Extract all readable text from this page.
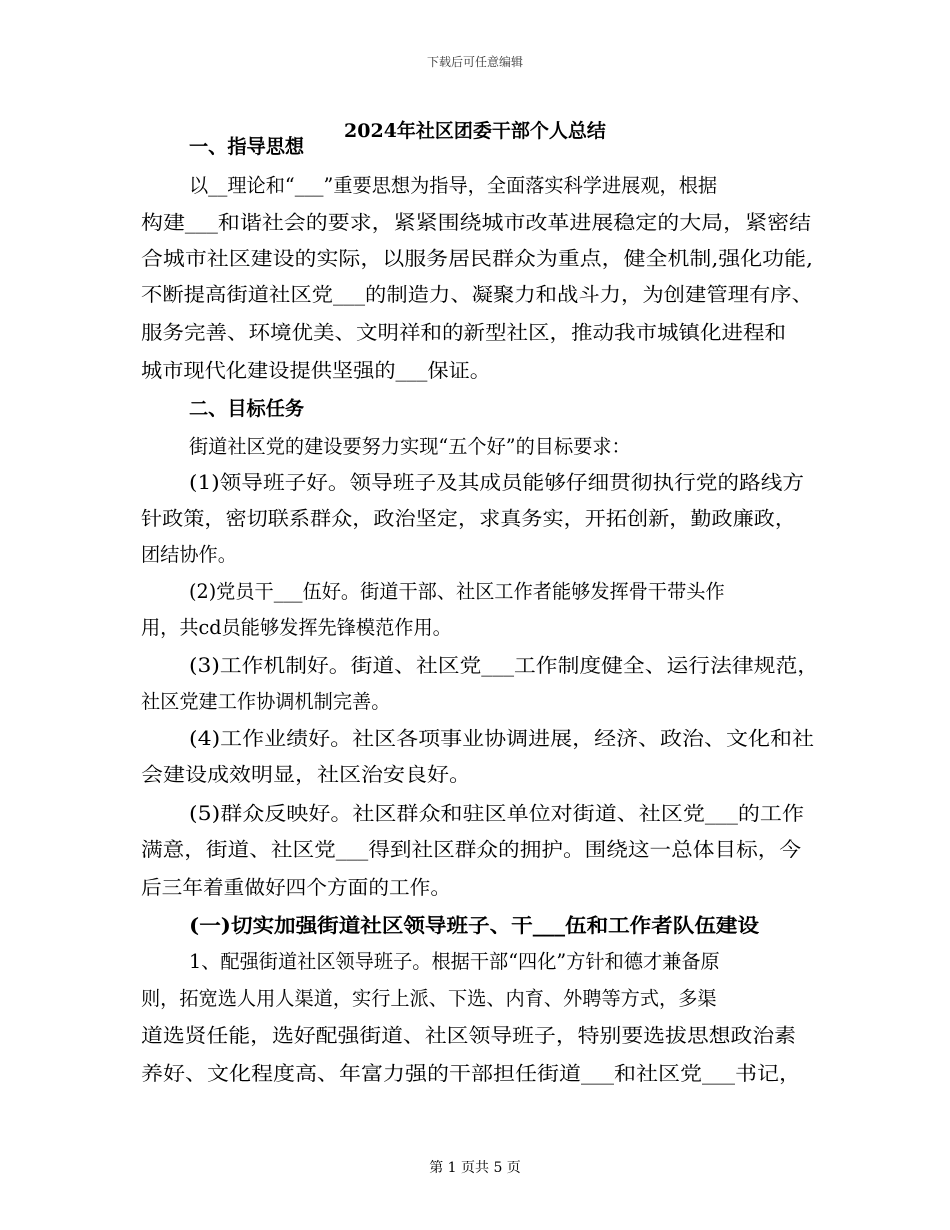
下载后可任意编辑
2024年社区团委干部个人总结
一、指导思想
以__理论和“___”重要思想为指导，全面落实科学进展观，根据
构建___和谐社会的要求，紧紧围绕城市改革进展稳定的大局，紧密结
合城市社区建设的实际，以服务居民群众为重点，健全机制,强化功能,
不断提高街道社区党___的制造力、凝聚力和战斗力，为创建管理有序、
服务完善、环境优美、文明祥和的新型社区，推动我市城镇化进程和
城市现代化建设提供坚强的___保证。
二、目标任务
街道社区党的建设要努力实现“五个好”的目标要求：
(1)领导班子好。领导班子及其成员能够仔细贯彻执行党的路线方
针政策，密切联系群众，政治坚定，求真务实，开拓创新，勤政廉政，
团结协作。
(2)党员干___伍好。街道干部、社区工作者能够发挥骨干带头作
用，共cd员能够发挥先锋模范作用。
(3)工作机制好。街道、社区党___工作制度健全、运行法律规范，
社区党建工作协调机制完善。
(4)工作业绩好。社区各项事业协调进展，经济、政治、文化和社
会建设成效明显，社区治安良好。
(5)群众反映好。社区群众和驻区单位对街道、社区党___的工作
满意，街道、社区党___得到社区群众的拥护。围绕这一总体目标，今
后三年着重做好四个方面的工作。
(一)切实加强街道社区领导班子、干___伍和工作者队伍建设
1、配强街道社区领导班子。根据干部“四化”方针和德才兼备原
则，拓宽选人用人渠道，实行上派、下选、内育、外聘等方式，多渠
道选贤任能，选好配强街道、社区领导班子，特别要选拔思想政治素
养好、文化程度高、年富力强的干部担任街道___和社区党___书记，
第 1 页共 5 页
